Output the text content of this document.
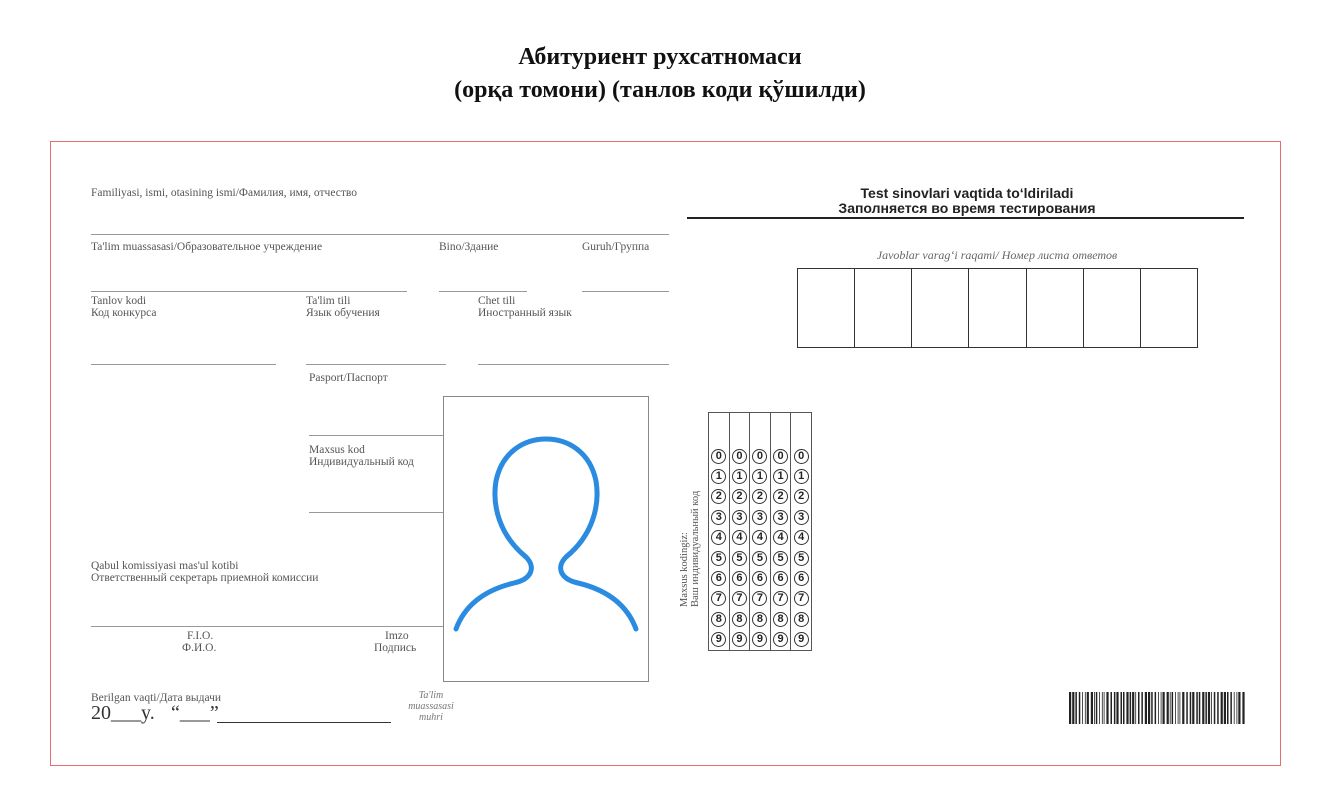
Абитуриент рухсатномаси
(орқа томони) (танлов коди қўшилди)
Familiyasi, ismi, otasining ismi/Фамилия, имя, отчество
Ta'lim muassasasi/Образовательное учреждение	Bino/Здание	Guruh/Группа
Tanlov kodi
Код конкурса
Ta'lim tili
Язык обучения
Chet tili
Иностранный язык
Pasport/Паспорт
Maxsus kod
Индивидуальный код
Qabul komissiyasi mas'ul kotibi
Ответственный секретарь приемной комиссии
F.I.O.
Ф.И.О.
Imzo
Подпись
Berilgan vaqti/Дата выдачи
20___y. “___”
Ta'lim
muassasasi
muhri
Test sinovlari vaqtida to‘ldiriladi
Заполняется во время тестирования
Javoblar varag‘i raqami/ Номер листа ответов
Maxsus kodingiz: Ваш индивидуальный код
0	0	0	0	0
1	1	1	1	1
2	2	2	2	2
3	3	3	3	3
4	4	4	4	4
5	5	5	5	5
6	6	6	6	6
7	7	7	7	7
8	8	8	8	8
9	9	9	9	9
